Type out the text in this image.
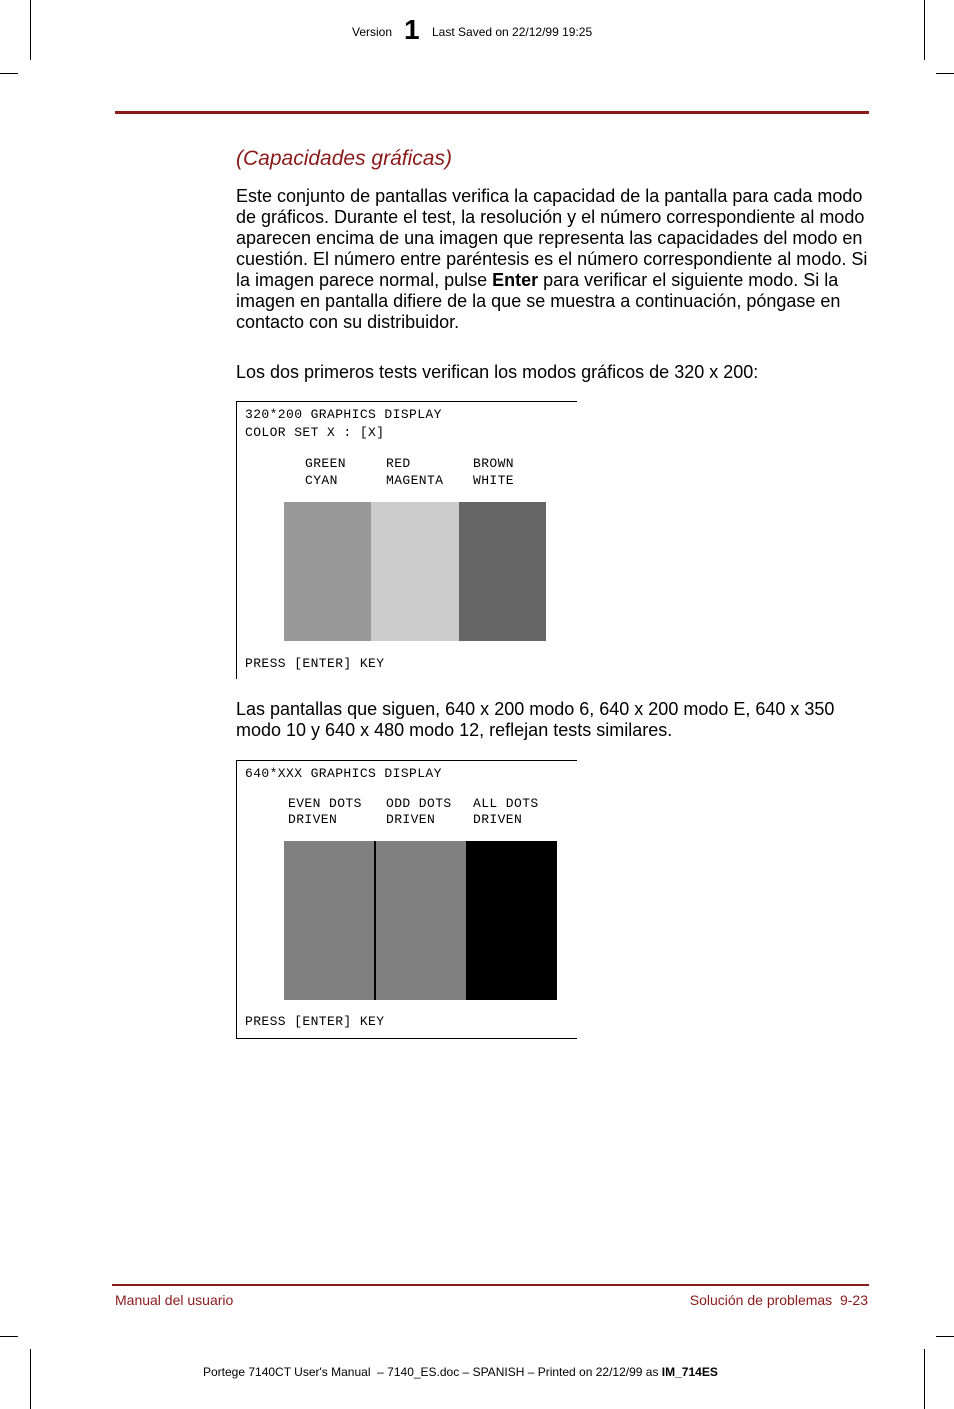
Version 1 Last Saved on 22/12/99 19:25
(Capacidades gráficas)
Este conjunto de pantallas verifica la capacidad de la pantalla para cada modo de gráficos. Durante el test, la resolución y el número correspondiente al modo aparecen encima de una imagen que representa las capacidades del modo en cuestión. El número entre paréntesis es el número correspondiente al modo. Si la imagen parece normal, pulse Enter para verificar el siguiente modo. Si la imagen en pantalla difiere de la que se muestra a continuación, póngase en contacto con su distribuidor.
Los dos primeros tests verifican los modos gráficos de 320 x 200:
320*200 GRAPHICS DISPLAY
COLOR SET X : [X]
GREEN
CYAN
RED
MAGENTA
BROWN
WHITE
PRESS [ENTER] KEY
Las pantallas que siguen, 640 x 200 modo 6, 640 x 200 modo E, 640 x 350 modo 10 y 640 x 480 modo 12, reflejan tests similares.
640*XXX GRAPHICS DISPLAY
EVEN DOTS
DRIVEN
ODD DOTS
DRIVEN
ALL DOTS
DRIVEN
PRESS [ENTER] KEY
Manual del usuario	Solución de problemas  9-23
Portege 7140CT User's Manual  – 7140_ES.doc – SPANISH – Printed on 22/12/99 as IM_714ES
